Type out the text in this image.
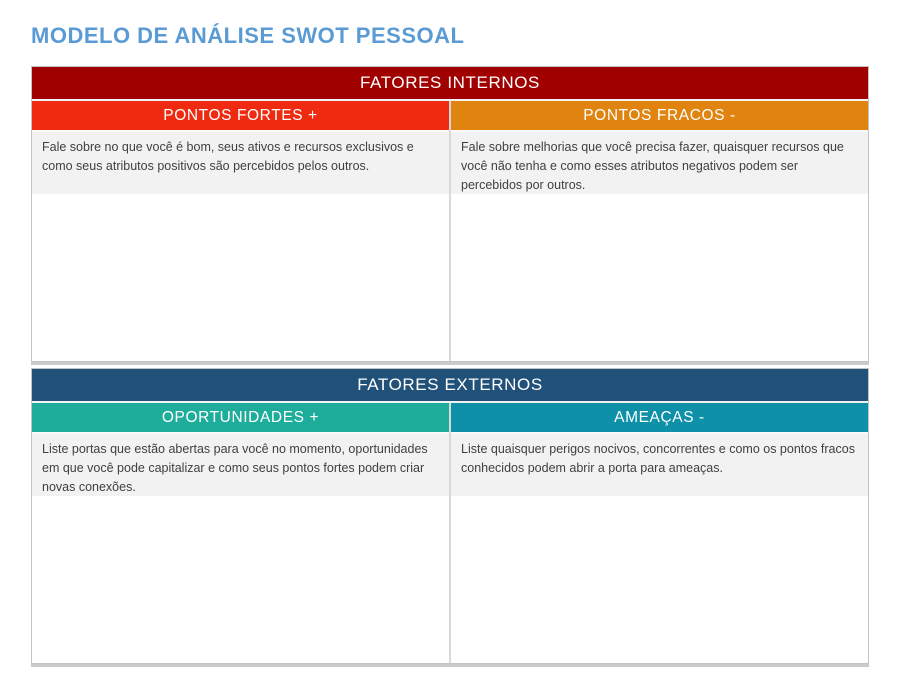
MODELO DE ANÁLISE SWOT PESSOAL
FATORES INTERNOS
PONTOS FORTES +
Fale sobre no que você é bom, seus ativos e recursos exclusivos e como seus atributos positivos são percebidos pelos outros.
PONTOS FRACOS -
Fale sobre melhorias que você precisa fazer, quaisquer recursos que você não tenha e como esses atributos negativos podem ser percebidos por outros.
FATORES EXTERNOS
OPORTUNIDADES +
Liste portas que estão abertas para você no momento, oportunidades em que você pode capitalizar e como seus pontos fortes podem criar novas conexões.
AMEAÇAS -
Liste quaisquer perigos nocivos, concorrentes e como os pontos fracos conhecidos podem abrir a porta para ameaças.
